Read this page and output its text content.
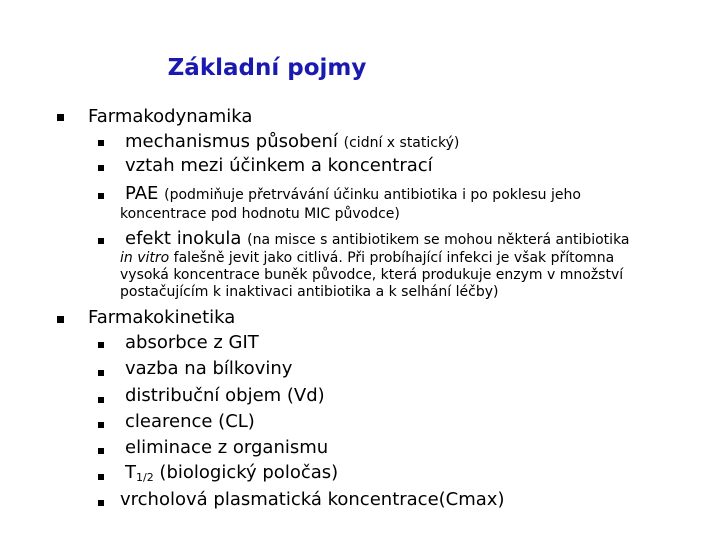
Základní pojmy
Farmakodynamika
mechanismus působení (cidní x statický)
vztah mezi účinkem a koncentrací
PAE (podmiňuje přetrvávání účinku antibiotika i po poklesu jeho
koncentrace pod hodnotu MIC původce)
efekt inokula (na misce s antibiotikem se mohou některá antibiotika
in vitro falešně jevit jako citlivá. Při probíhající infekci je však přítomna
vysoká koncentrace buněk původce, která produkuje enzym v množství
postačujícím k inaktivaci antibiotika a k selhání léčby)
Farmakokinetika
absorbce z GIT
vazba na bílkoviny
distribuční objem (Vd)
clearence (CL)
eliminace z organismu
$T_{1/2}$ (biologický poločas)
vrcholová plasmatická koncentrace(Cmax)
